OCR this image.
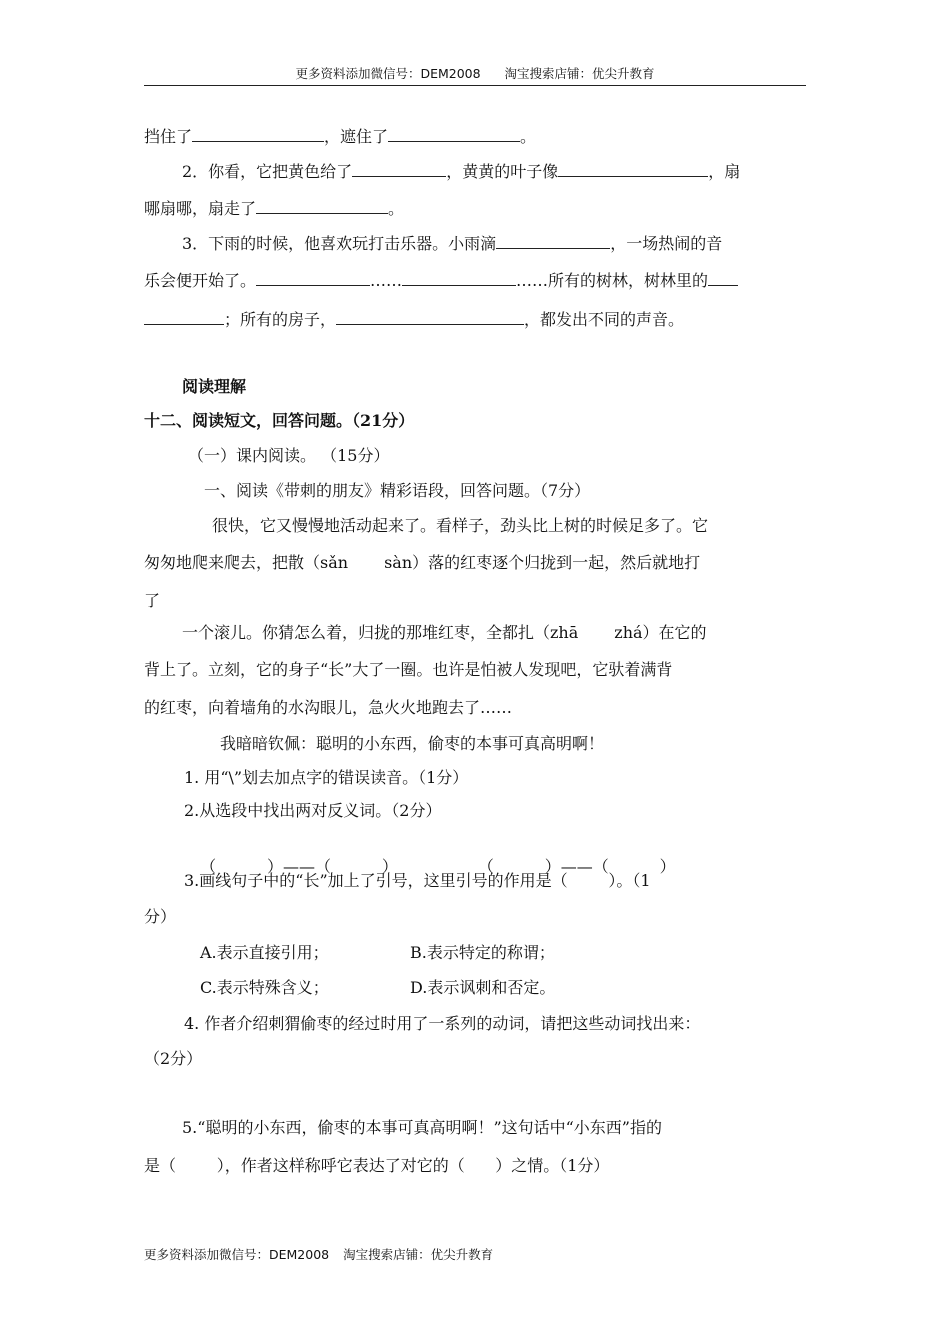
更多资料添加微信号：DEM2008 淘宝搜索店铺：优尖升教育
挡住了	，遮住了	。
2．你看，它把黄色给了	，黄黄的叶子像	，扇
哪扇哪，扇走了	。
3．下雨的时候，他喜欢玩打击乐器。小雨滴	，一场热闹的音
乐会便开始了。	……	……所有的树林，树林里的
；所有的房子，	，都发出不同的声音。
阅读理解
十二、阅读短文，回答问题。（21分）
（一）课内阅读。 （15分）
一、阅读《带刺的朋友》精彩语段，回答问题。（7分）
很快，它又慢慢地活动起来了。看样子，劲头比上树的时候足多了。它
匆匆地爬来爬去，把散（sǎn sàn）落的红枣逐个归拢到一起，然后就地打
了
一个滚儿。你猜怎么着，归拢的那堆红枣，全都扎（zhā zhá）在它的
背上了。立刻，它的身子“长”大了一圈。也许是怕被人发现吧，它驮着满背
的红枣，向着墙角的水沟眼儿，急火火地跑去了……
我暗暗钦佩：聪明的小东西，偷枣的本事可真高明啊！
1. 用“\”划去加点字的错误读音。（1分）
2.从选段中找出两对反义词。（2分）

（          ）——（          ）	（          ）——（          ）

3.画线句子中的“长”加上了引号，这里引号的作用是（        ）。（1
分）
A.表示直接引用；	B.表示特定的称谓；
C.表示特殊含义；	D.表示讽刺和否定。
4. 作者介绍刺猬偷枣的经过时用了一系列的动词，请把这些动词找出来：
（2分）
5.“聪明的小东西，偷枣的本事可真高明啊！”这句话中“小东西”指的
是（        ），作者这样称呼它表达了对它的（      ）之情。（1分）
更多资料添加微信号：DEM2008 淘宝搜索店铺：优尖升教育
